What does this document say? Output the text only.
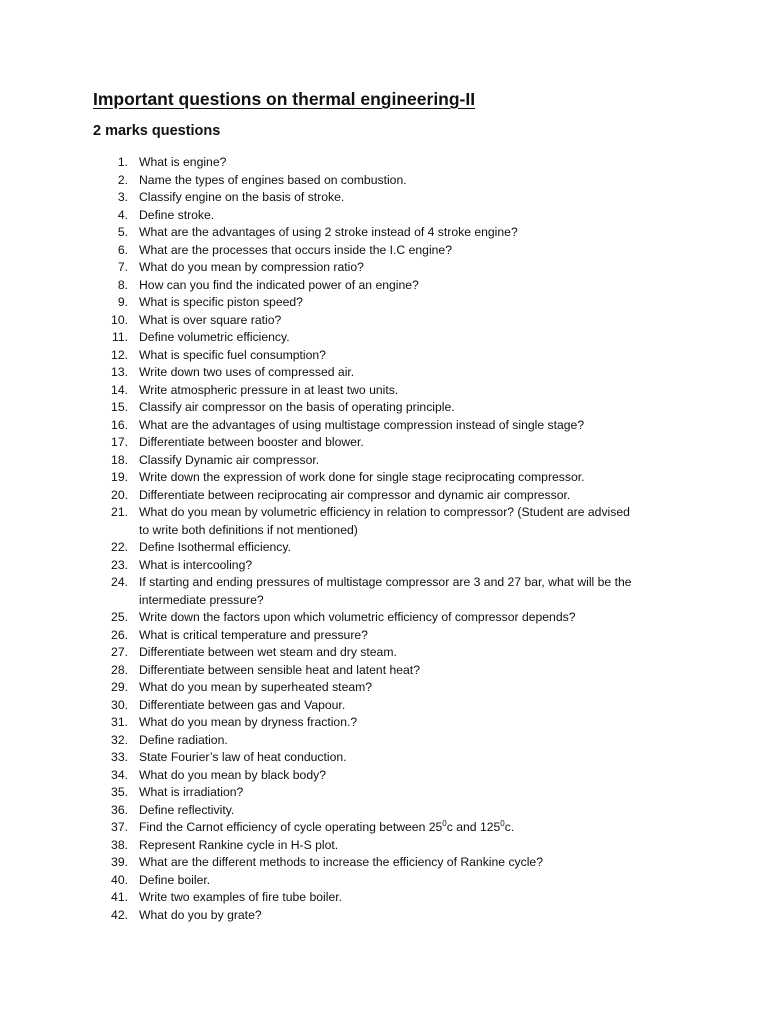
Important questions on thermal engineering-II
2 marks questions
1. What is engine?
2. Name the types of engines based on combustion.
3. Classify engine on the basis of stroke.
4. Define stroke.
5. What are the advantages of using 2 stroke instead of 4 stroke engine?
6. What are the processes that occurs inside the I.C engine?
7. What do you mean by compression ratio?
8. How can you find the indicated power of an engine?
9. What is specific piston speed?
10. What is over square ratio?
11. Define volumetric efficiency.
12. What is specific fuel consumption?
13. Write down two uses of compressed air.
14. Write atmospheric pressure in at least two units.
15. Classify air compressor on the basis of operating principle.
16. What are the advantages of using multistage compression instead of single stage?
17. Differentiate between booster and blower.
18. Classify Dynamic air compressor.
19. Write down the expression of work done for single stage reciprocating compressor.
20. Differentiate between reciprocating air compressor and dynamic air compressor.
21. What do you mean by volumetric efficiency in relation to compressor? (Student are advised
to write both definitions if not mentioned)
22. Define Isothermal efficiency.
23. What is intercooling?
24. If starting and ending pressures of multistage compressor are 3 and 27 bar, what will be the
intermediate pressure?
25. Write down the factors upon which volumetric efficiency of compressor depends?
26. What is critical temperature and pressure?
27. Differentiate between wet steam and dry steam.
28. Differentiate between sensible heat and latent heat?
29. What do you mean by superheated steam?
30. Differentiate between gas and Vapour.
31. What do you mean by dryness fraction.?
32. Define radiation.
33. State Fourier’s law of heat conduction.
34. What do you mean by black body?
35. What is irradiation?
36. Define reflectivity.
37. Find the Carnot efficiency of cycle operating between $25^0c$ and $125^0c$.
38. Represent Rankine cycle in H-S plot.
39. What are the different methods to increase the efficiency of Rankine cycle?
40. Define boiler.
41. Write two examples of fire tube boiler.
42. What do you by grate?
